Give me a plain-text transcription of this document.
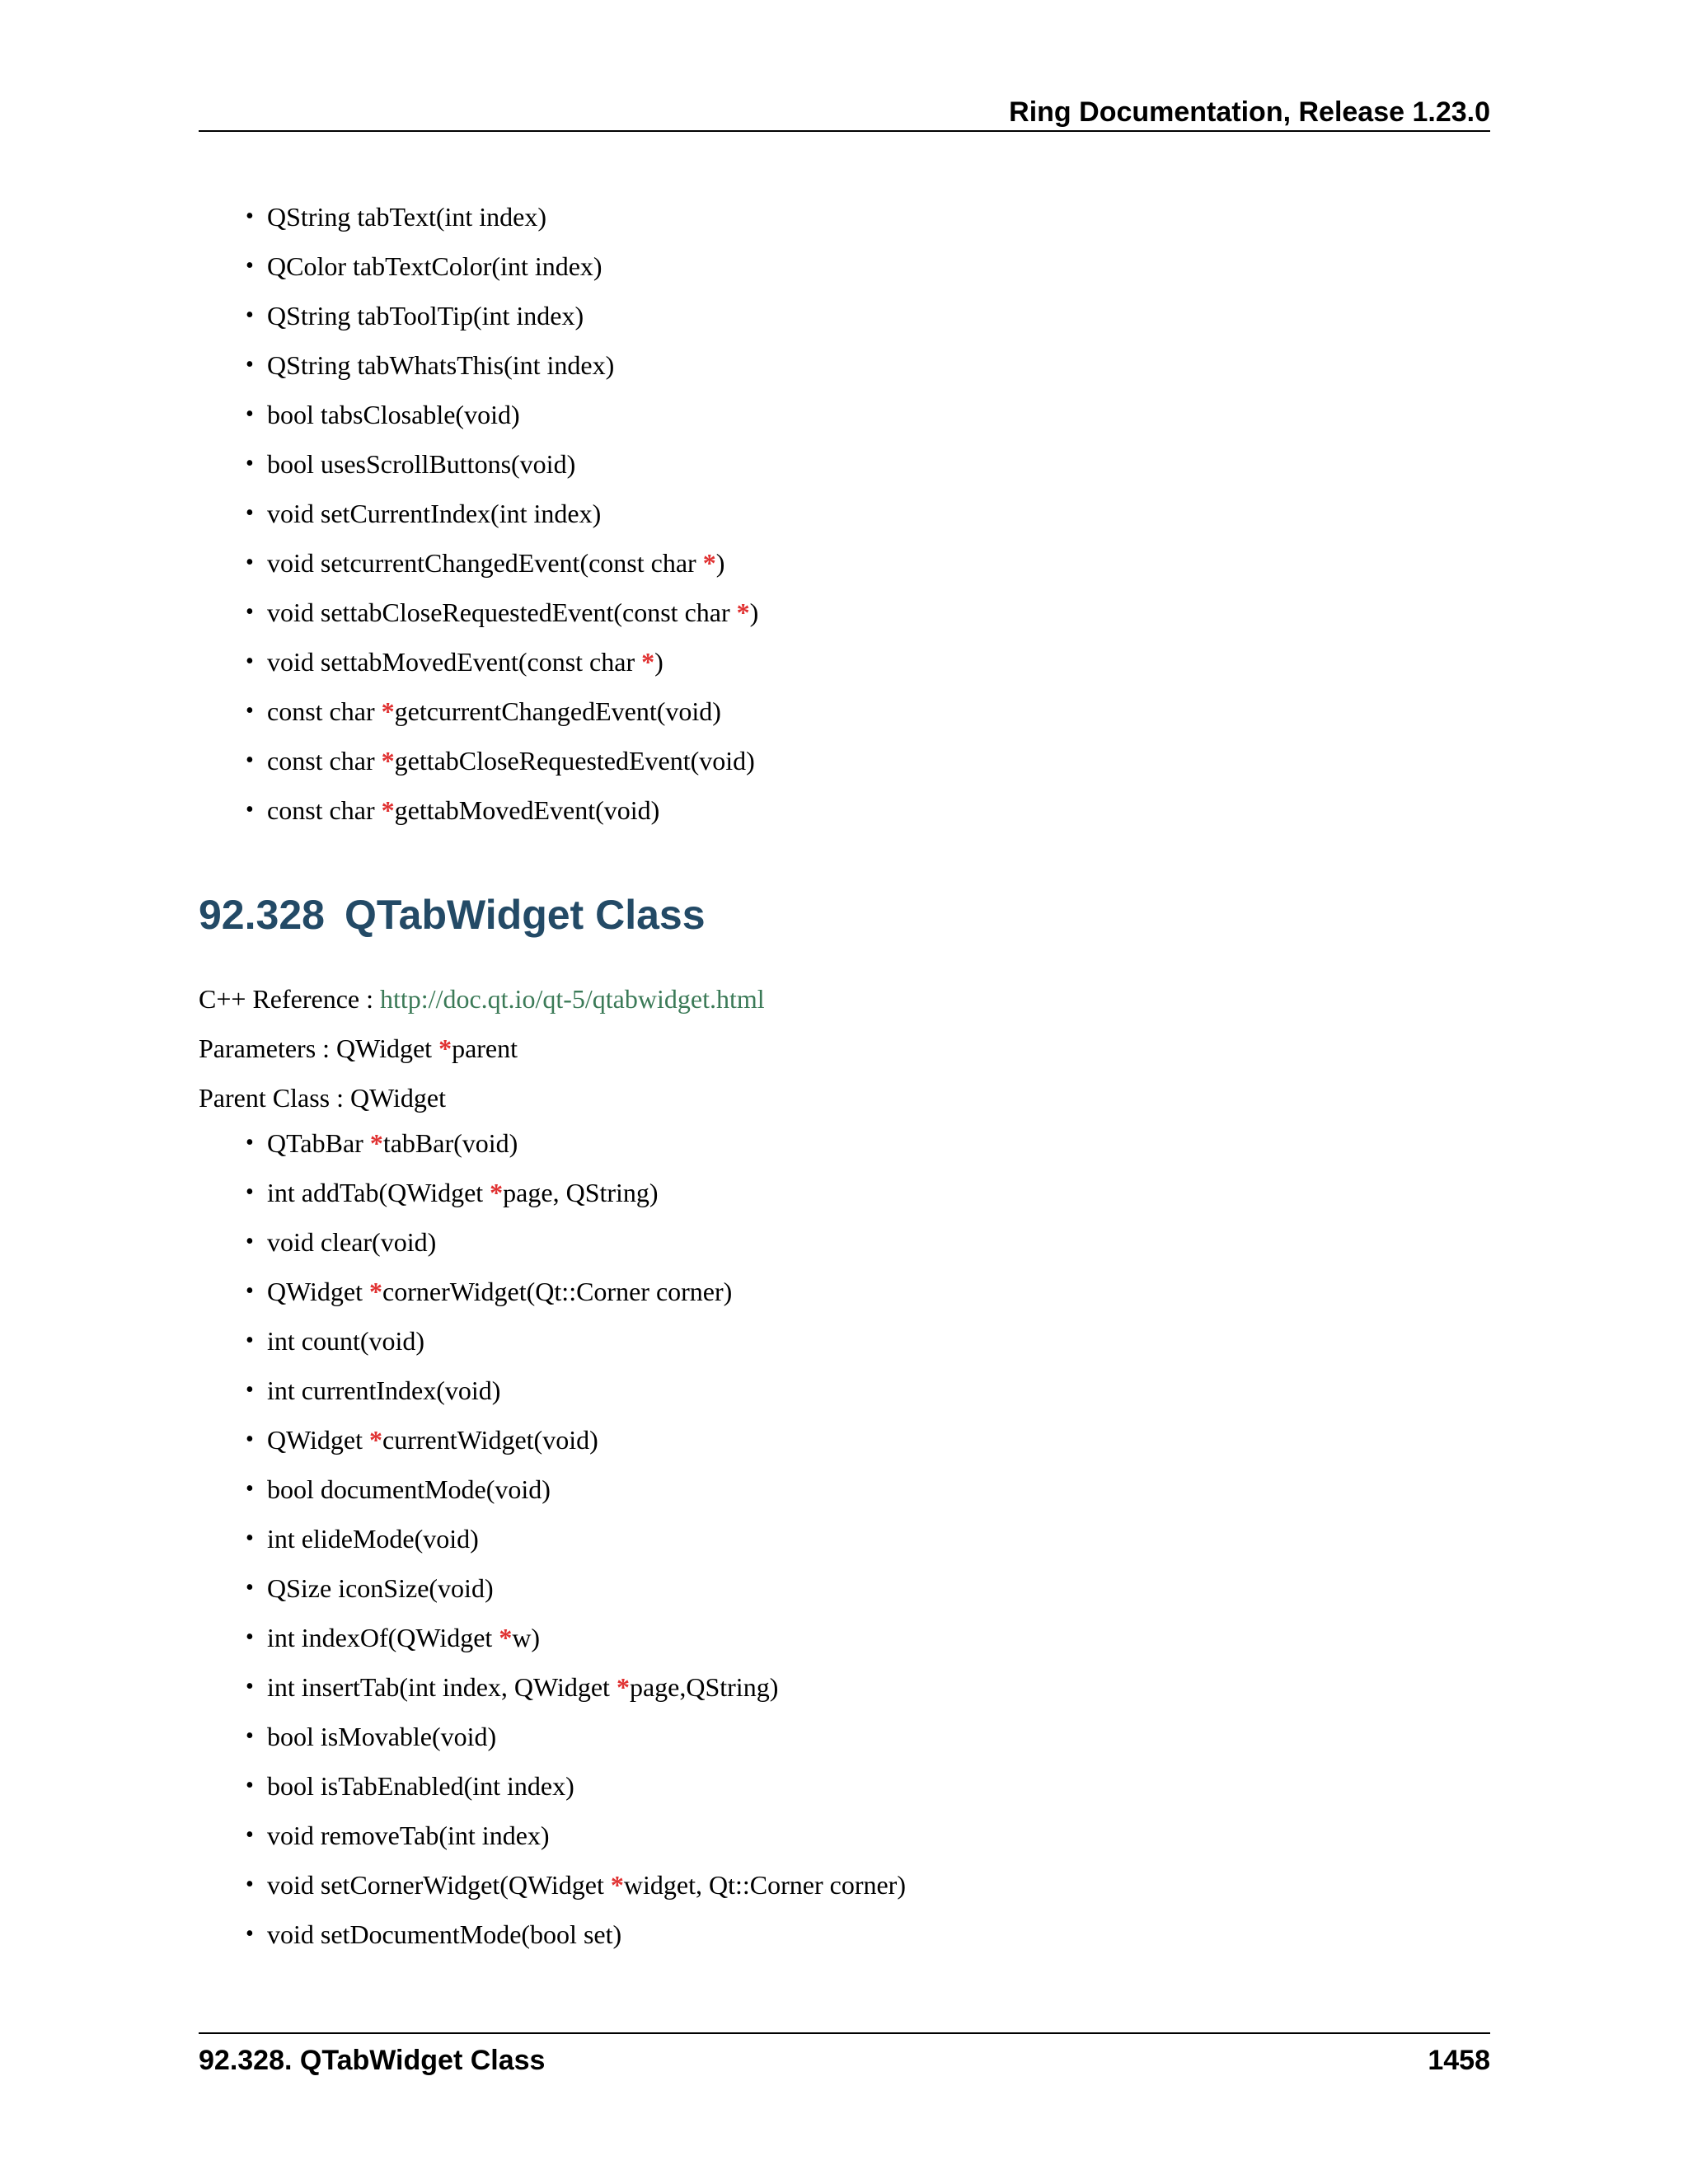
Ring Documentation, Release 1.23.0
• QString tabText(int index)
• QColor tabTextColor(int index)
• QString tabToolTip(int index)
• QString tabWhatsThis(int index)
• bool tabsClosable(void)
• bool usesScrollButtons(void)
• void setCurrentIndex(int index)
• void setcurrentChangedEvent(const char *)
• void settabCloseRequestedEvent(const char *)
• void settabMovedEvent(const char *)
• const char *getcurrentChangedEvent(void)
• const char *gettabCloseRequestedEvent(void)
• const char *gettabMovedEvent(void)
92.328 QTabWidget Class
C++ Reference : http://doc.qt.io/qt-5/qtabwidget.html
Parameters : QWidget *parent
Parent Class : QWidget
• QTabBar *tabBar(void)
• int addTab(QWidget *page, QString)
• void clear(void)
• QWidget *cornerWidget(Qt::Corner corner)
• int count(void)
• int currentIndex(void)
• QWidget *currentWidget(void)
• bool documentMode(void)
• int elideMode(void)
• QSize iconSize(void)
• int indexOf(QWidget *w)
• int insertTab(int index, QWidget *page,QString)
• bool isMovable(void)
• bool isTabEnabled(int index)
• void removeTab(int index)
• void setCornerWidget(QWidget *widget, Qt::Corner corner)
• void setDocumentMode(bool set)
92.328. QTabWidget Class	1458
